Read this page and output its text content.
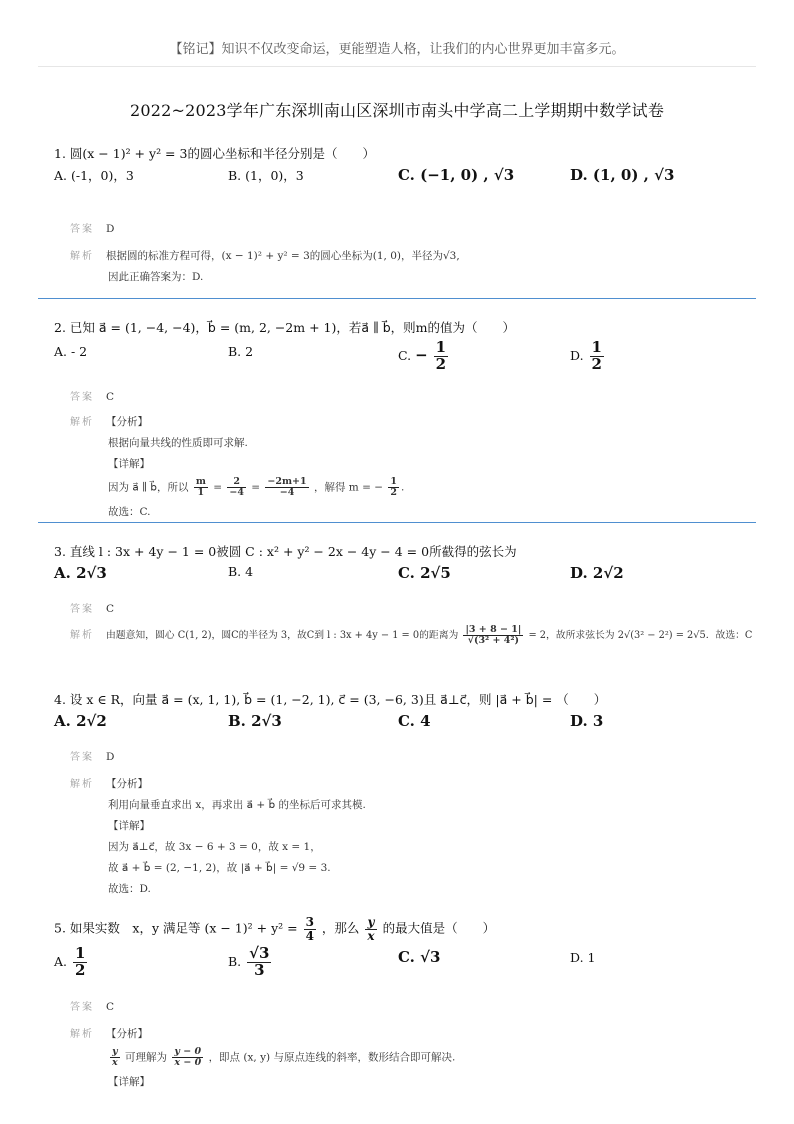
【铭记】知识不仅改变命运，更能塑造人格，让我们的内心世界更加丰富多元。
2022~2023学年广东深圳南山区深圳市南头中学高二上学期期中数学试卷
1. 圆(x − 1)² + y² = 3的圆心坐标和半径分别是（　　）
A. (-1，0)，3	B. (1，0)，3	C. (−1, 0) , √3	D. (1, 0) , √3
答案 D
解析 根据圆的标准方程可得，(x − 1)² + y² = 3的圆心坐标为(1, 0)，半径为√3,
因此正确答案为：D.
2. 已知 a⃗ = (1, −4, −4)，b⃗ = (m, 2, −2m + 1)，若a⃗ ∥ b⃗，则m的值为（　　）
A. - 2	B. 2	C. − $\frac{1}{2}$	D. $\frac{1}{2}$
答案 C
解析 【分析】
根据向量共线的性质即可求解.
【详解】
因为 a⃗ ∥ b⃗，所以 $\frac{m}{1} = \frac{2}{-4} = \frac{-2m+1}{-4}$ ，解得 m = − $\frac{1}{2}$ .
故选：C.
3. 直线 l : 3x + 4y − 1 = 0被圆 C : x² + y² − 2x − 4y − 4 = 0所截得的弦长为
A. 2√3	B. 4	C. 2√5	D. 2√2
答案 C
解析 由题意知，圆心 C(1, 2)，圆C的半径为 3，故C到 l : 3x + 4y − 1 = 0的距离为 $\frac{|3 + 8 - 1|}{\text{√(3² + 4²)}} = 2$，故所求弦长为 2√(3² − 2²) = 2√5．故选：C
4. 设 x ∈ R，向量 a⃗ = (x, 1, 1), b⃗ = (1, −2, 1), c⃗ = (3, −6, 3)且 a⃗⊥c⃗，则 |a⃗ + b⃗| = （　　）
A. 2√2	B. 2√3	C. 4	D. 3
答案 D
解析 【分析】
利用向量垂直求出 x，再求出 a⃗ + b⃗ 的坐标后可求其模.
【详解】
因为 a⃗⊥c⃗，故 3x − 6 + 3 = 0，故 x = 1，
故 a⃗ + b⃗ = (2, −1, 2)，故 |a⃗ + b⃗| = √9 = 3.
故选：D.
5. 如果实数　x，y 满足等 $(x - 1)^2 + y^2 = \frac{3}{4}$ ，那么 $\frac{y}{x}$ 的最大值是（　　）
A. $\frac{1}{2}$	B. $\frac{√3}{3}$	C. √3	D. 1
答案 C
解析 【分析】
$\frac{y}{x}$ 可理解为 $\frac{y - 0}{x - 0}$ ，即点 (x, y) 与原点连线的斜率，数形结合即可解决.
【详解】
